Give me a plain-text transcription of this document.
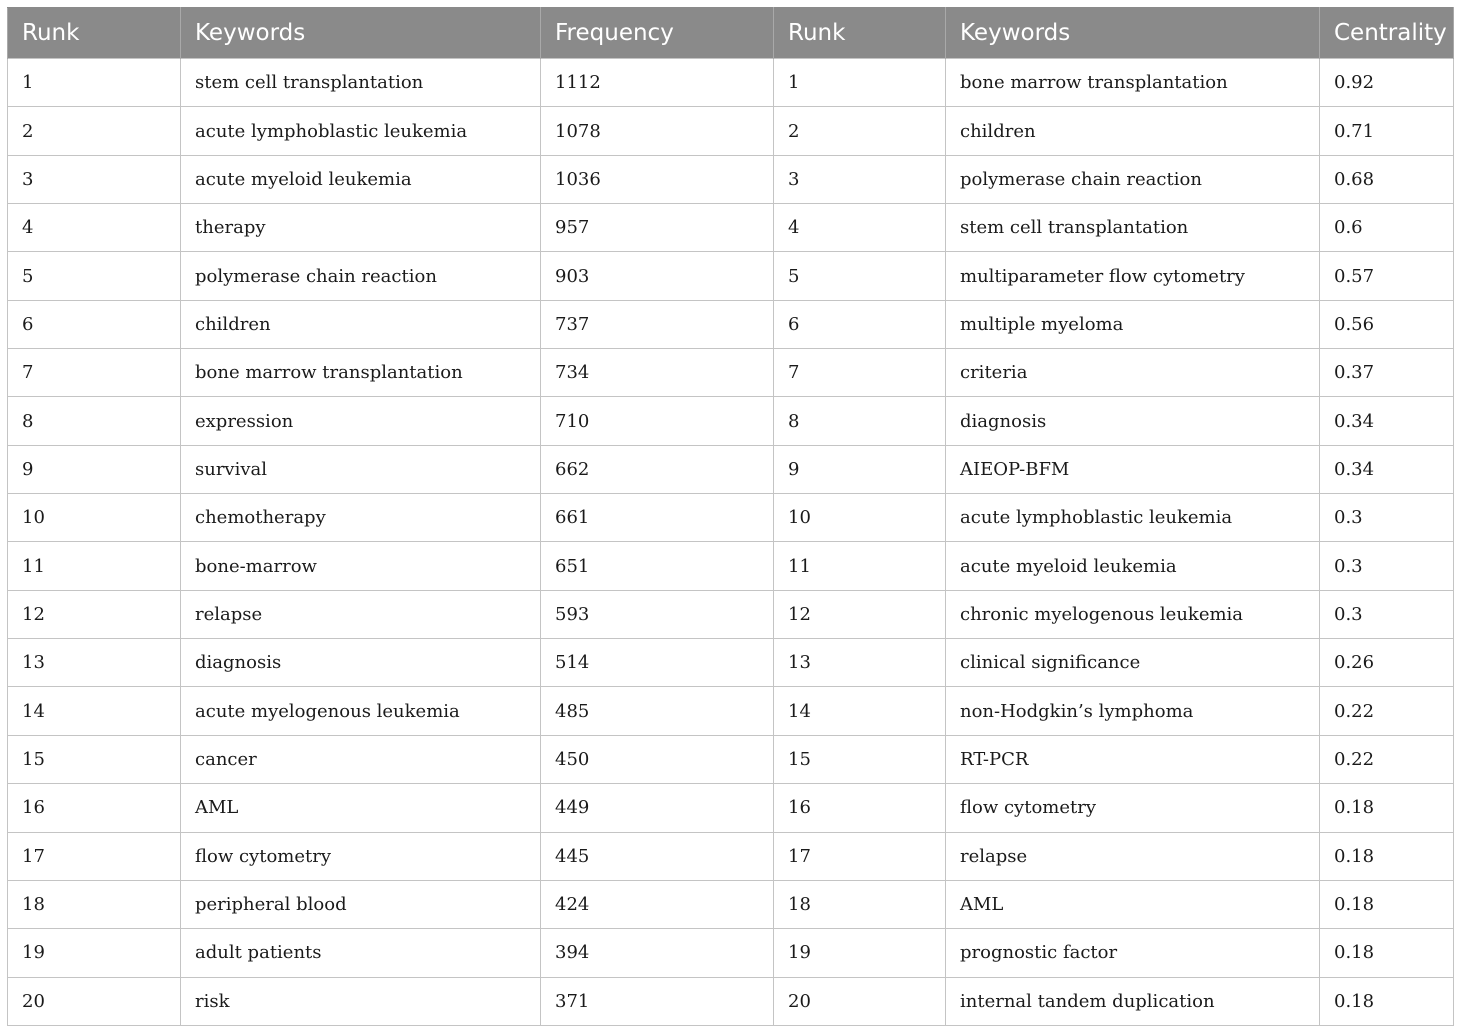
Runk	Keywords	Frequency	Runk	Keywords	Centrality
1	stem cell transplantation	1112	1	bone marrow transplantation	0.92
2	acute lymphoblastic leukemia	1078	2	children	0.71
3	acute myeloid leukemia	1036	3	polymerase chain reaction	0.68
4	therapy	957	4	stem cell transplantation	0.6
5	polymerase chain reaction	903	5	multiparameter flow cytometry	0.57
6	children	737	6	multiple myeloma	0.56
7	bone marrow transplantation	734	7	criteria	0.37
8	expression	710	8	diagnosis	0.34
9	survival	662	9	AIEOP-BFM	0.34
10	chemotherapy	661	10	acute lymphoblastic leukemia	0.3
11	bone-marrow	651	11	acute myeloid leukemia	0.3
12	relapse	593	12	chronic myelogenous leukemia	0.3
13	diagnosis	514	13	clinical significance	0.26
14	acute myelogenous leukemia	485	14	non-Hodgkin’s lymphoma	0.22
15	cancer	450	15	RT-PCR	0.22
16	AML	449	16	flow cytometry	0.18
17	flow cytometry	445	17	relapse	0.18
18	peripheral blood	424	18	AML	0.18
19	adult patients	394	19	prognostic factor	0.18
20	risk	371	20	internal tandem duplication	0.18
